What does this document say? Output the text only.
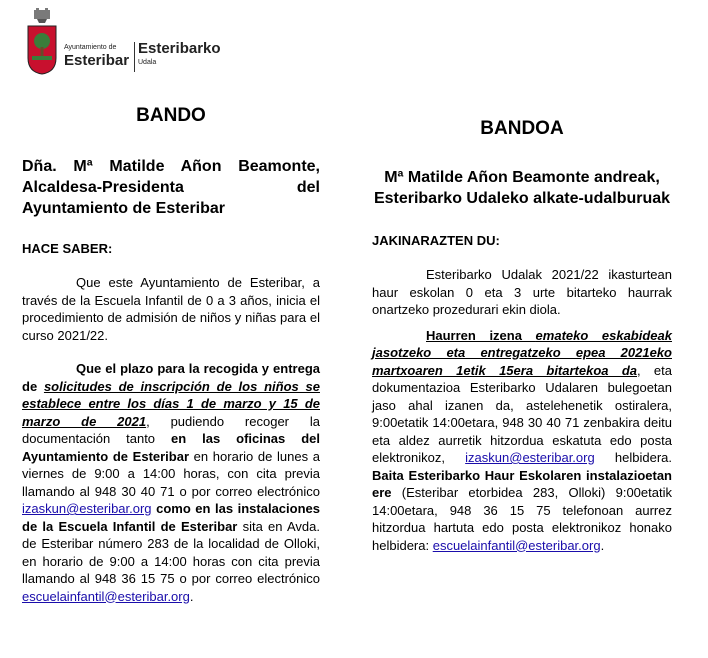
Ayuntamiento de
Esteribar
Esteribarko
Udala

BANDO

Dña. Mª Matilde Añon Beamonte, Alcaldesa-Presidenta del Ayuntamiento de Esteribar

HACE SABER:

Que este Ayuntamiento de Esteribar, a través de la Escuela Infantil de 0 a 3 años, inicia el procedimiento de admisión de niños y niñas para el curso 2021/22.

Que el plazo para la recogida y entrega de solicitudes de inscripción de los niños se establece entre los días 1 de marzo y 15 de marzo de 2021, pudiendo recoger la documentación tanto en las oficinas del Ayuntamiento de Esteribar en horario de lunes a viernes de 9:00 a 14:00 horas, con cita previa llamando al 948 30 40 71 o por correo electrónico izaskun@esteribar.org como en las instalaciones de la Escuela Infantil de Esteribar sita en Avda. de Esteribar número 283 de la localidad de Olloki, en horario de 9:00 a 14:00 horas con cita previa llamando al 948 36 15 75 o por correo electrónico escuelainfantil@esteribar.org.

BANDOA

Mª Matilde Añon Beamonte andreak, Esteribarko Udaleko alkate-udalburuak

JAKINARAZTEN DU:

Esteribarko Udalak 2021/22 ikasturtean haur eskolan 0 eta 3 urte bitarteko haurrak onartzeko prozedurari ekin diola.

Haurren izena emateko eskabideak jasotzeko eta entregatzeko epea 2021eko martxoaren 1etik 15era bitartekoa da, eta dokumentazioa Esteribarko Udalaren bulegoetan jaso ahal izanen da, astelehenetik ostiralera, 9:00etatik 14:00etara, 948 30 40 71 zenbakira deitu eta aldez aurretik hitzordua eskatuta edo posta elektronikoz, izaskun@esteribar.org helbidera. Baita Esteribarko Haur Eskolaren instalazioetan ere (Esteribar etorbidea 283, Olloki) 9:00etatik 14:00etara, 948 36 15 75 telefonoan aurrez hitzordua hartuta edo posta elektronikoz honako helbidera: escuelainfantil@esteribar.org.
